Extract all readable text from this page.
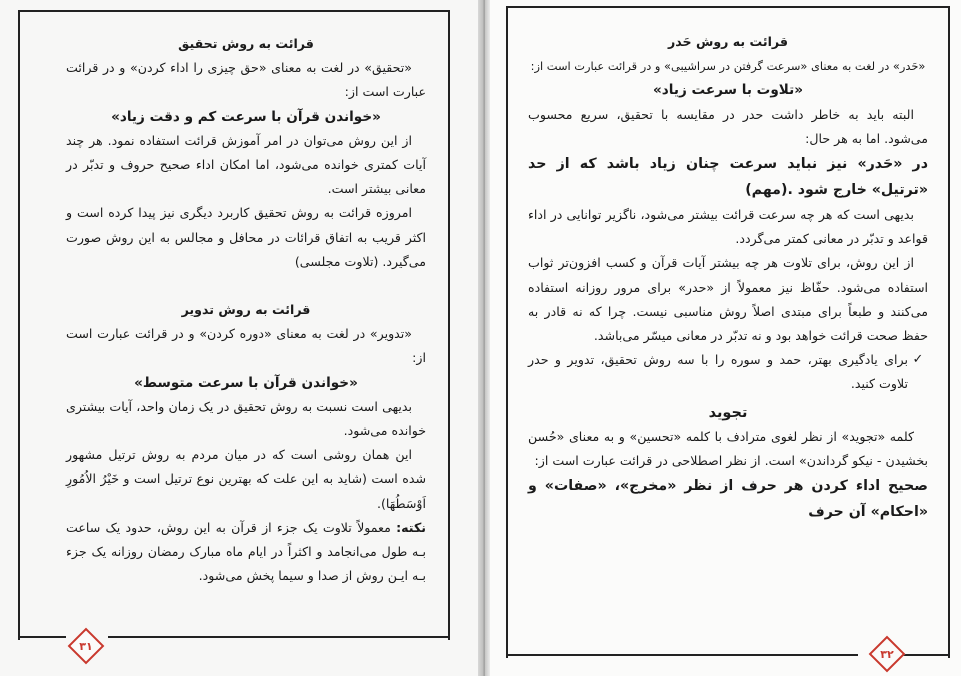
قرائت به روش تحقیق

«تحقیق» در لغت به معنای «حق چیزی را اداء کردن» و در قرائت عبارت است از:

«خواندن قرآن با سرعت کم و دقت زیاد»

از این روش می‌توان در امر آموزش قرائت استفاده نمود. هر چند آیات کمتری خوانده می‌شود، اما امکان اداء صحیح حروف و تدبّر در معانی بیشتر است.

امروزه قرائت به روش تحقیق کاربرد دیگری نیز پیدا کرده است و اکثر قریب به اتفاق قرائات در محافل و مجالس به این روش صورت می‌گیرد. (تلاوت مجلسی)

قرائت به روش تدویر

«تدویر» در لغت به معنای «دوره کردن» و در قرائت عبارت است از:

«خواندن قرآن با سرعت متوسط»

بدیهی است نسبت به روش تحقیق در یک زمان واحد، آیات بیشتری خوانده می‌شود.

این همان روشی است که در میان مردم به روش ترتیل مشهور شده است (شاید به این علت که بهترین نوع ترتیل است و خَیْرُ الاُمُورِ اَوْسَطُهَا).

نکته: معمولاً تلاوت یک جزء از قرآن به این روش، حدود یک ساعت بـه طول می‌انجامد و اکثراً در ایام ماه مبارک رمضان روزانه یک جزء بـه ایـن روش از صدا و سیما پخش می‌شود.

۳۱

قرائت به روش حَدر

«حَدر» در لغت به معنای «سرعت گرفتن در سراشیبی» و در قرائت عبارت است از:

«تلاوت با سرعت زیاد»

البته باید به خاطر داشت حدر در مقایسه با تحقیق، سریع محسوب می‌شود. اما به هر حال:

در «حَدر» نیز نباید سرعت چنان زیاد باشد که از حد «ترتیل» خارج شود .(مهم)

بدیهی است که هر چه سرعت قرائت بیشتر می‌شود، ناگزیر توانایی در اداء قواعد و تدبّر در معانی کمتر می‌گردد.

از این روش، برای تلاوت هر چه بیشتر آیات قرآن و کسب افزون‌تر ثواب استفاده می‌شود. حفّاظ نیز معمولاً از «حدر» برای مرور روزانه استفاده می‌کنند و طبعاً برای مبتدی اصلاً روش مناسبی نیست. چرا که نه قادر به حفظ صحت قرائت خواهد بود و نه تدبّر در معانی میسّر می‌باشد.

✓
برای یادگیری بهتر، حمد و سوره را با سه روش تحقیق، تدویر و حدر تلاوت کنید.

تجوید

کلمه «تجوید» از نظر لغوی مترادف با کلمه «تحسین» و به معنای «حُسن بخشیدن - نیکو گرداندن» است. از نظر اصطلاحی در قرائت عبارت است از:

صحیح اداء کردن هر حرف از نظر «مخرج»، «صفات» و «احکام» آن حرف

۳۲
